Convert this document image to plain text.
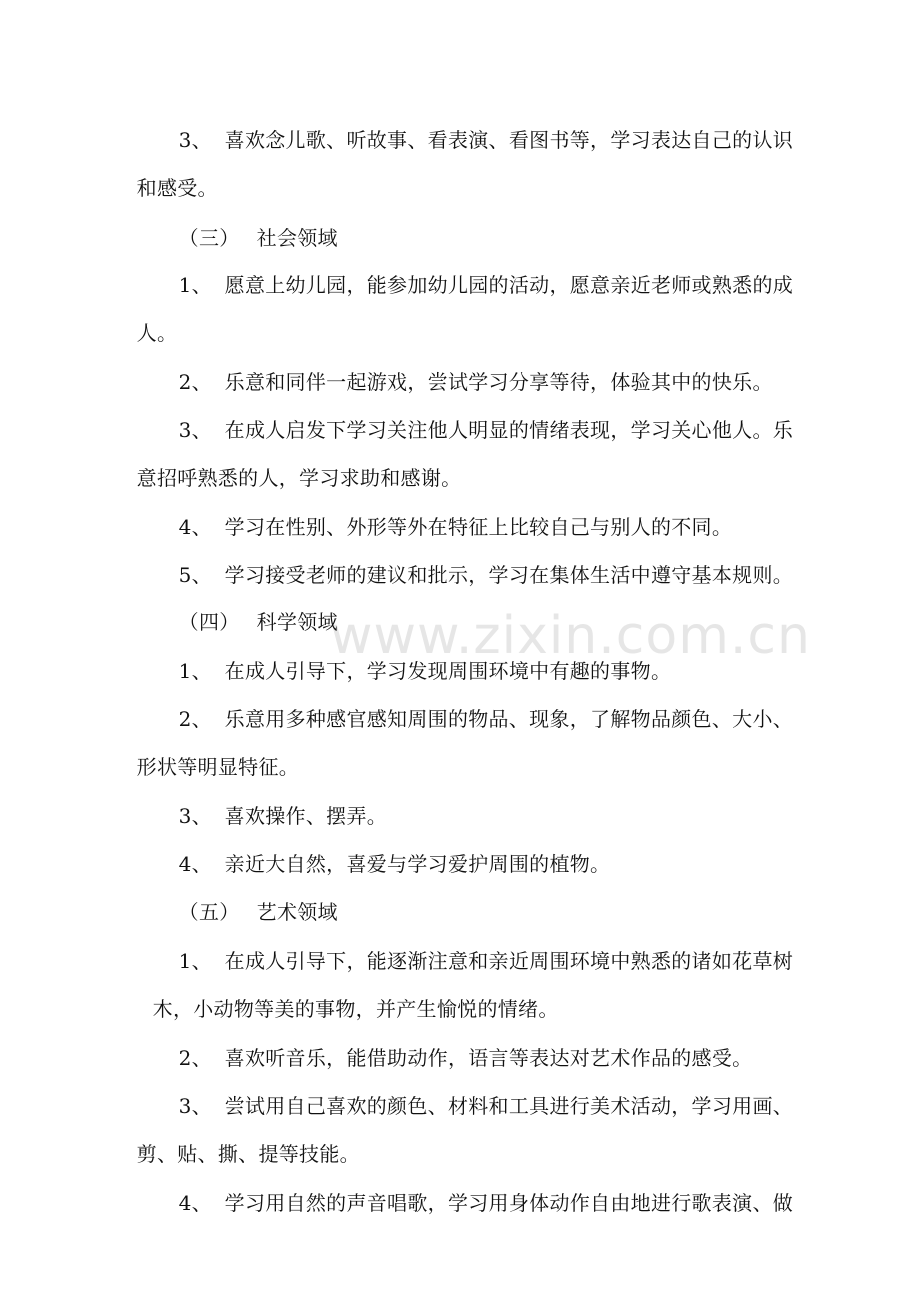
www.zixin.com.cn

3、 喜欢念儿歌、听故事、看表演、看图书等，学习表达自己的认识

和感受。

（三） 社会领域

1、 愿意上幼儿园，能参加幼儿园的活动，愿意亲近老师或熟悉的成

人。

2、 乐意和同伴一起游戏，尝试学习分享等待，体验其中的快乐。

3、 在成人启发下学习关注他人明显的情绪表现，学习关心他人。乐

意招呼熟悉的人，学习求助和感谢。

4、 学习在性别、外形等外在特征上比较自己与别人的不同。

5、 学习接受老师的建议和批示，学习在集体生活中遵守基本规则。

（四） 科学领域

1、 在成人引导下，学习发现周围环境中有趣的事物。

2、 乐意用多种感官感知周围的物品、现象，了解物品颜色、大小、

形状等明显特征。

3、 喜欢操作、摆弄。

4、 亲近大自然，喜爱与学习爱护周围的植物。

（五） 艺术领域

1、 在成人引导下，能逐渐注意和亲近周围环境中熟悉的诸如花草树

木，小动物等美的事物，并产生愉悦的情绪。

2、 喜欢听音乐，能借助动作，语言等表达对艺术作品的感受。

3、 尝试用自己喜欢的颜色、材料和工具进行美术活动，学习用画、

剪、贴、撕、提等技能。

4、 学习用自然的声音唱歌，学习用身体动作自由地进行歌表演、做
